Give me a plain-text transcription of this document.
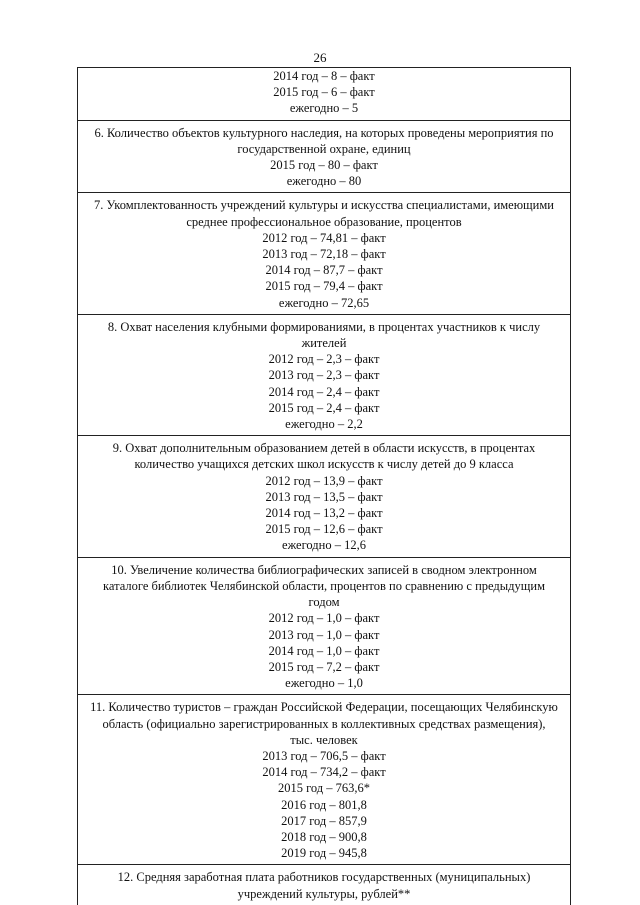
26
2014 год – 8 – факт
2015 год – 6 – факт
ежегодно – 5
6. Количество объектов культурного наследия, на которых проведены мероприятия по
государственной охране, единиц
2015 год – 80 – факт
ежегодно – 80
7. Укомплектованность учреждений культуры и искусства специалистами, имеющими
среднее профессиональное образование, процентов
2012 год – 74,81 – факт
2013 год – 72,18 – факт
2014 год – 87,7 – факт
2015 год – 79,4 – факт
ежегодно – 72,65
8. Охват населения клубными формированиями, в процентах участников к числу
жителей
2012 год – 2,3 – факт
2013 год – 2,3 – факт
2014 год – 2,4 – факт
2015 год – 2,4 – факт
ежегодно – 2,2
9. Охват дополнительным образованием детей в области искусств, в процентах
количество учащихся детских школ искусств к числу детей до 9 класса
2012 год – 13,9 – факт
2013 год – 13,5 – факт
2014 год – 13,2 – факт
2015 год – 12,6 – факт
ежегодно – 12,6
10. Увеличение количества библиографических записей в сводном электронном
каталоге библиотек Челябинской области, процентов по сравнению с предыдущим
годом
2012 год – 1,0 – факт
2013 год – 1,0 – факт
2014 год – 1,0 – факт
2015 год – 7,2 – факт
ежегодно – 1,0
11. Количество туристов – граждан Российской Федерации, посещающих Челябинскую
область (официально зарегистрированных в коллективных средствах размещения),
тыс. человек
2013 год – 706,5 – факт
2014 год – 734,2 – факт
2015 год – 763,6*
2016 год – 801,8
2017 год – 857,9
2018 год – 900,8
2019 год – 945,8
12. Средняя заработная плата работников государственных (муниципальных)
учреждений культуры, рублей**
